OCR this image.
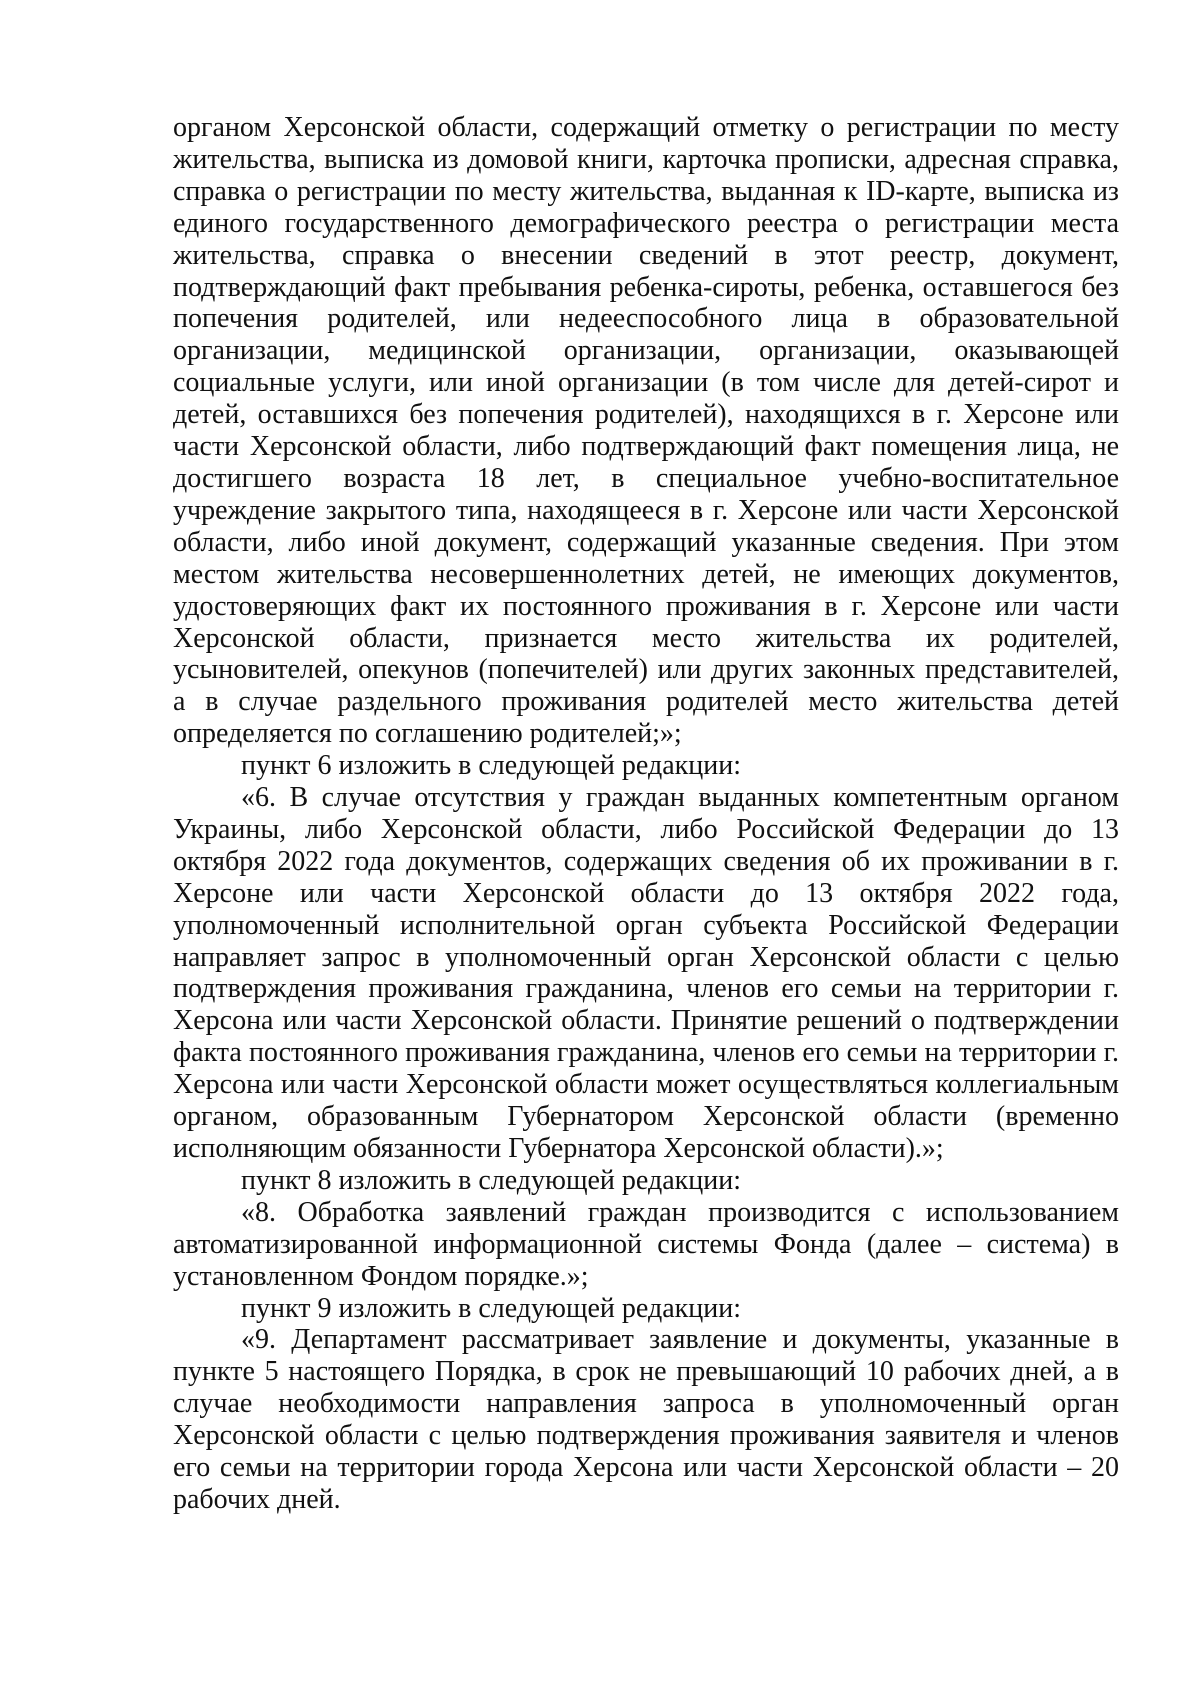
органом Херсонской области, содержащий отметку о регистрации по месту жительства, выписка из домовой книги, карточка прописки, адресная справка, справка о регистрации по месту жительства, выданная к ID-карте, выписка из единого государственного демографического реестра о регистрации места жительства, справка о внесении сведений в этот реестр, документ, подтверждающий факт пребывания ребенка-сироты, ребенка, оставшегося без попечения родителей, или недееспособного лица в образовательной организации, медицинской организации, организации, оказывающей социальные услуги, или иной организации (в том числе для детей-сирот и детей, оставшихся без попечения родителей), находящихся в г. Херсоне или части Херсонской области, либо подтверждающий факт помещения лица, не достигшего возраста 18 лет, в специальное учебно-воспитательное учреждение закрытого типа, находящееся в г. Херсоне или части Херсонской области, либо иной документ, содержащий указанные сведения. При этом местом жительства несовершеннолетних детей, не имеющих документов, удостоверяющих факт их постоянного проживания в г. Херсоне или части Херсонской области, признается место жительства их родителей, усыновителей, опекунов (попечителей) или других законных представителей, а в случае раздельного проживания родителей место жительства детей определяется по соглашению родителей;»;

пункт 6 изложить в следующей редакции:

«6. В случае отсутствия у граждан выданных компетентным органом Украины, либо Херсонской области, либо Российской Федерации до 13 октября 2022 года документов, содержащих сведения об их проживании в г. Херсоне или части Херсонской области до 13 октября 2022 года, уполномоченный исполнительной орган субъекта Российской Федерации направляет запрос в уполномоченный орган Херсонской области с целью подтверждения проживания гражданина, членов его семьи на территории г. Херсона или части Херсонской области. Принятие решений о подтверждении факта постоянного проживания гражданина, членов его семьи на территории г. Херсона или части Херсонской области может осуществляться коллегиальным органом, образованным Губернатором Херсонской области (временно исполняющим обязанности Губернатора Херсонской области).»;

пункт 8 изложить в следующей редакции:

«8. Обработка заявлений граждан производится с использованием автоматизированной информационной системы Фонда (далее – система) в установленном Фондом порядке.»;

пункт 9 изложить в следующей редакции:

«9. Департамент рассматривает заявление и документы, указанные в пункте 5 настоящего Порядка, в срок не превышающий 10 рабочих дней, а в случае необходимости направления запроса в уполномоченный орган Херсонской области с целью подтверждения проживания заявителя и членов его семьи на территории города Херсона или части Херсонской области – 20 рабочих дней.
